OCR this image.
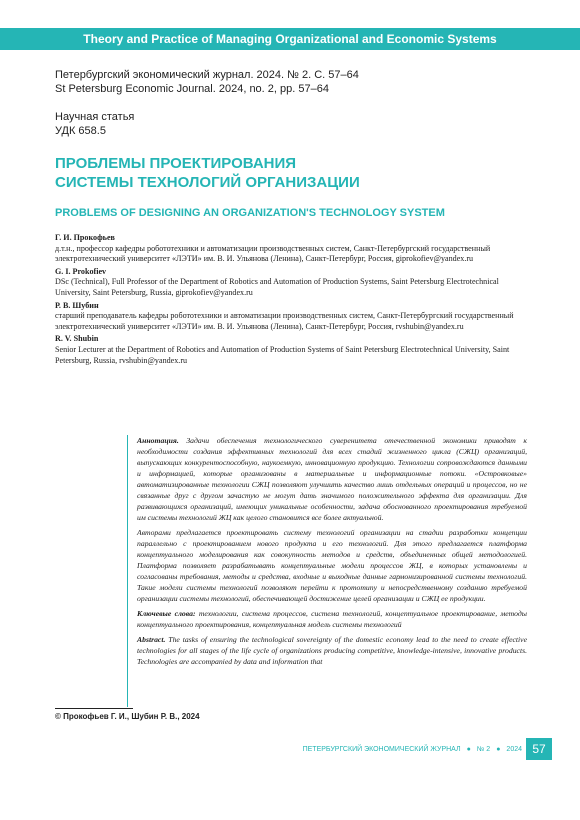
Theory and Practice of Managing Organizational and Economic Systems
Петербургский экономический журнал. 2024. № 2. С. 57–64
St Petersburg Economic Journal. 2024, no. 2, pp. 57–64
Научная статья
УДК 658.5
ПРОБЛЕМЫ ПРОЕКТИРОВАНИЯ
СИСТЕМЫ ТЕХНОЛОГИЙ ОРГАНИЗАЦИИ
PROBLEMS OF DESIGNING AN ORGANIZATION'S TECHNOLOGY SYSTEM
Г. И. Прокофьев
д.т.н., профессор кафедры робототехники и автоматизации производственных систем, Санкт-Петербургский государственный электротехнический университет «ЛЭТИ» им. В. И. Ульянова (Ленина), Санкт-Петербург, Россия, giprokofiev@yandex.ru
G. I. Prokofiev
DSc (Technical), Full Professor of the Department of Robotics and Automation of Production Systems, Saint Petersburg Electrotechnical University, Saint Petersburg, Russia, giprokofiev@yandex.ru
Р. В. Шубин
старший преподаватель кафедры робототехники и автоматизации производственных систем, Санкт-Петербургский государственный электротехнический университет «ЛЭТИ» им. В. И. Ульянова (Ленина), Санкт-Петербург, Россия, rvshubin@yandex.ru
R. V. Shubin
Senior Lecturer at the Department of Robotics and Automation of Production Systems of Saint Petersburg Electrotechnical University, Saint Petersburg, Russia, rvshubin@yandex.ru

Аннотация. Задачи обеспечения технологического суверенитета отечественной экономики приводят к необходимости создания эффективных технологий для всех стадий жизненного цикла (СЖЦ) организаций, выпускающих конкурентоспособную, наукоемкую, инновационную продукцию. Технологии сопровождаются данными и информацией, которые организованы в материальные и информационные потоки. «Островковые» автоматизированные технологии СЖЦ позволяют улучшить качество лишь отдельных операций и процессов, но не связанные друг с другом зачастую не могут дать значимого положительного эффекта для организации. Для развивающихся организаций, имеющих уникальные особенности, задача обоснованного проектирования требуемой им системы технологий ЖЦ как целого становится все более актуальной.

Авторами предлагается проектировать систему технологий организации на стадии разработки концепции параллельно с проектированием нового продукта и его технологий. Для этого предлагается платформа концептуального моделирования как совокупность методов и средств, объединенных общей методологией. Платформа позволяет разрабатывать концептуальные модели процессов ЖЦ, в которых установлены и согласованы требования, методы и средства, входные и выходные данные гармонизированной системы технологий. Такие модели системы технологий позволяют перейти к прототипу и непосредственному созданию требуемой организации системы технологий, обеспечивающей достижение целей организации и СЖЦ ее продукции.

Ключевые слова: технологии, система процессов, система технологий, концептуальное проектирование, методы концептуального проектирования, концептуальная модель системы технологий

Abstract. The tasks of ensuring the technological sovereignty of the domestic economy lead to the need to create effective technologies for all stages of the life cycle of organizations producing competitive, knowledge-intensive, innovative products. Technologies are accompanied by data and information that

© Прокофьев Г. И., Шубин Р. В., 2024
ПЕТЕРБУРГСКИЙ ЭКОНОМИЧЕСКИЙ ЖУРНАЛ ● № 2 ● 2024 57
